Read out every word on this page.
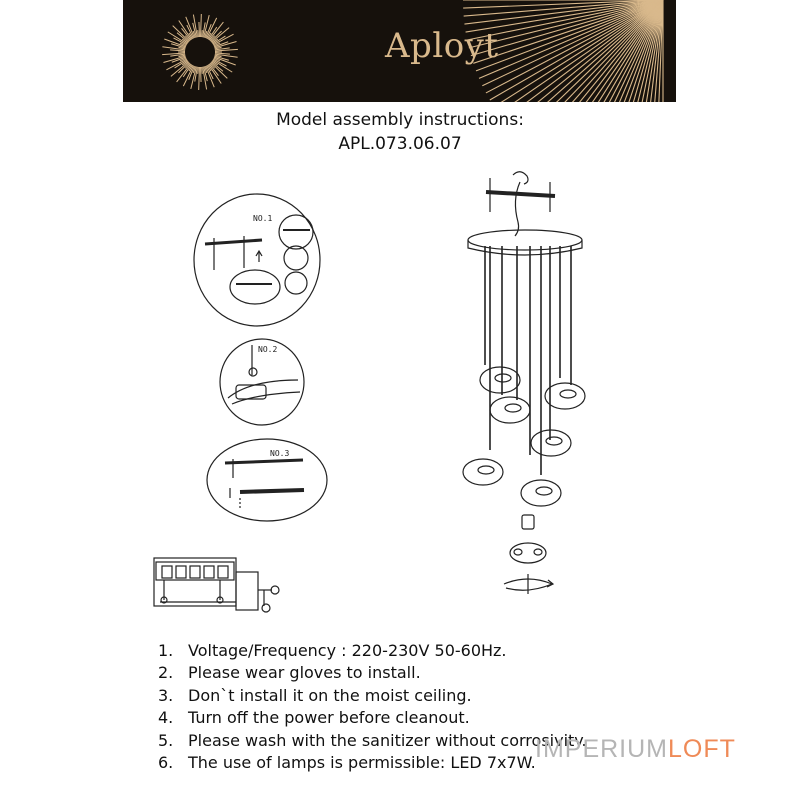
Aployt
Model assembly instructions:
APL.073.06.07
NO.1
NO.2
NO.3
1. Voltage/Frequency : 220-230V 50-60Hz.
2. Please wear gloves to install.
3. Don`t install it on the moist ceiling.
4. Turn off the power before cleanout.
5. Please wash with the sanitizer without corrosivity.
6. The use of lamps is permissible: LED 7x7W. IMPERIUMLOFT
